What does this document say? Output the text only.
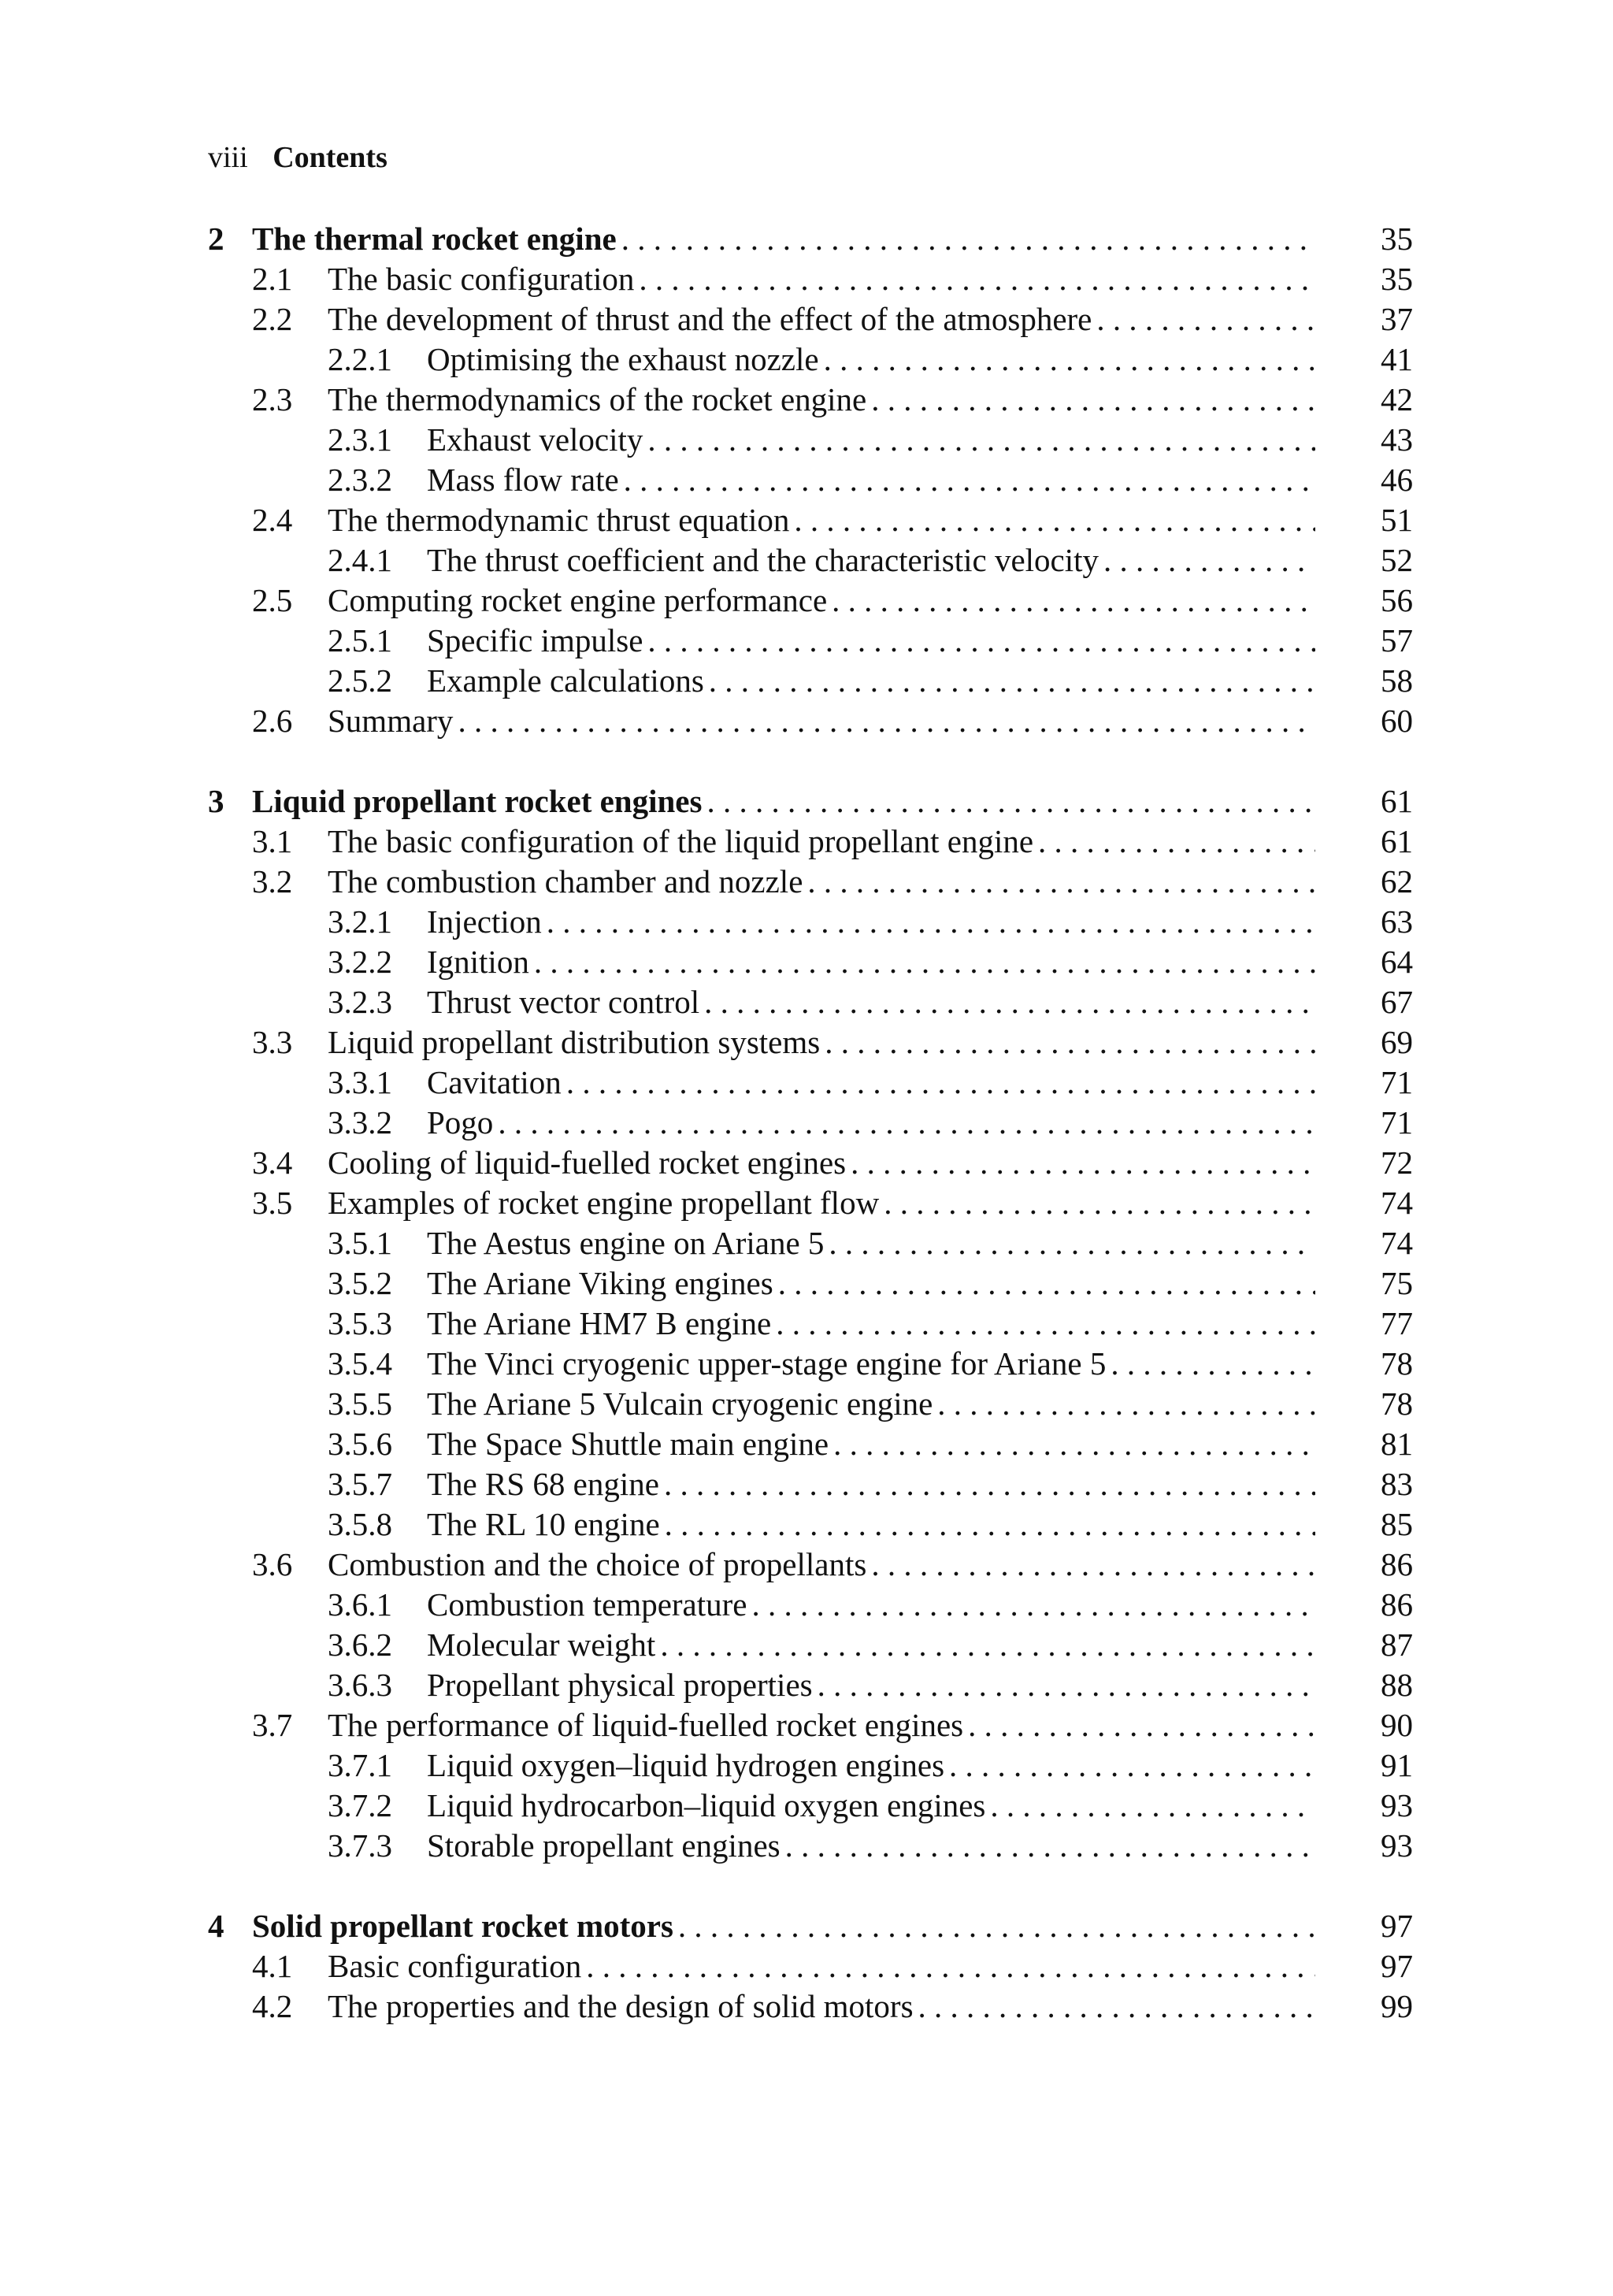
viii Contents
2 The thermal rocket engine . . .	35
2.1 The basic configuration . . .	35
2.2 The development of thrust and the effect of the atmosphere . . .	37
2.2.1 Optimising the exhaust nozzle . . .	41
2.3 The thermodynamics of the rocket engine . . .	42
2.3.1 Exhaust velocity . . .	43
2.3.2 Mass flow rate . . .	46
2.4 The thermodynamic thrust equation . . .	51
2.4.1 The thrust coefficient and the characteristic velocity . . .	52
2.5 Computing rocket engine performance . . .	56
2.5.1 Specific impulse . . .	57
2.5.2 Example calculations . . .	58
2.6 Summary . . .	60
3 Liquid propellant rocket engines . . .	61
3.1 The basic configuration of the liquid propellant engine . . .	61
3.2 The combustion chamber and nozzle . . .	62
3.2.1 Injection . . .	63
3.2.2 Ignition . . .	64
3.2.3 Thrust vector control . . .	67
3.3 Liquid propellant distribution systems . . .	69
3.3.1 Cavitation . . .	71
3.3.2 Pogo . . .	71
3.4 Cooling of liquid-fuelled rocket engines . . .	72
3.5 Examples of rocket engine propellant flow . . .	74
3.5.1 The Aestus engine on Ariane 5 . . .	74
3.5.2 The Ariane Viking engines . . .	75
3.5.3 The Ariane HM7 B engine . . .	77
3.5.4 The Vinci cryogenic upper-stage engine for Ariane 5 . . .	78
3.5.5 The Ariane 5 Vulcain cryogenic engine . . .	78
3.5.6 The Space Shuttle main engine . . .	81
3.5.7 The RS 68 engine . . .	83
3.5.8 The RL 10 engine . . .	85
3.6 Combustion and the choice of propellants . . .	86
3.6.1 Combustion temperature . . .	86
3.6.2 Molecular weight . . .	87
3.6.3 Propellant physical properties . . .	88
3.7 The performance of liquid-fuelled rocket engines . . .	90
3.7.1 Liquid oxygen–liquid hydrogen engines . . .	91
3.7.2 Liquid hydrocarbon–liquid oxygen engines . . .	93
3.7.3 Storable propellant engines . . .	93
4 Solid propellant rocket motors . . .	97
4.1 Basic configuration . . .	97
4.2 The properties and the design of solid motors . . .	99
